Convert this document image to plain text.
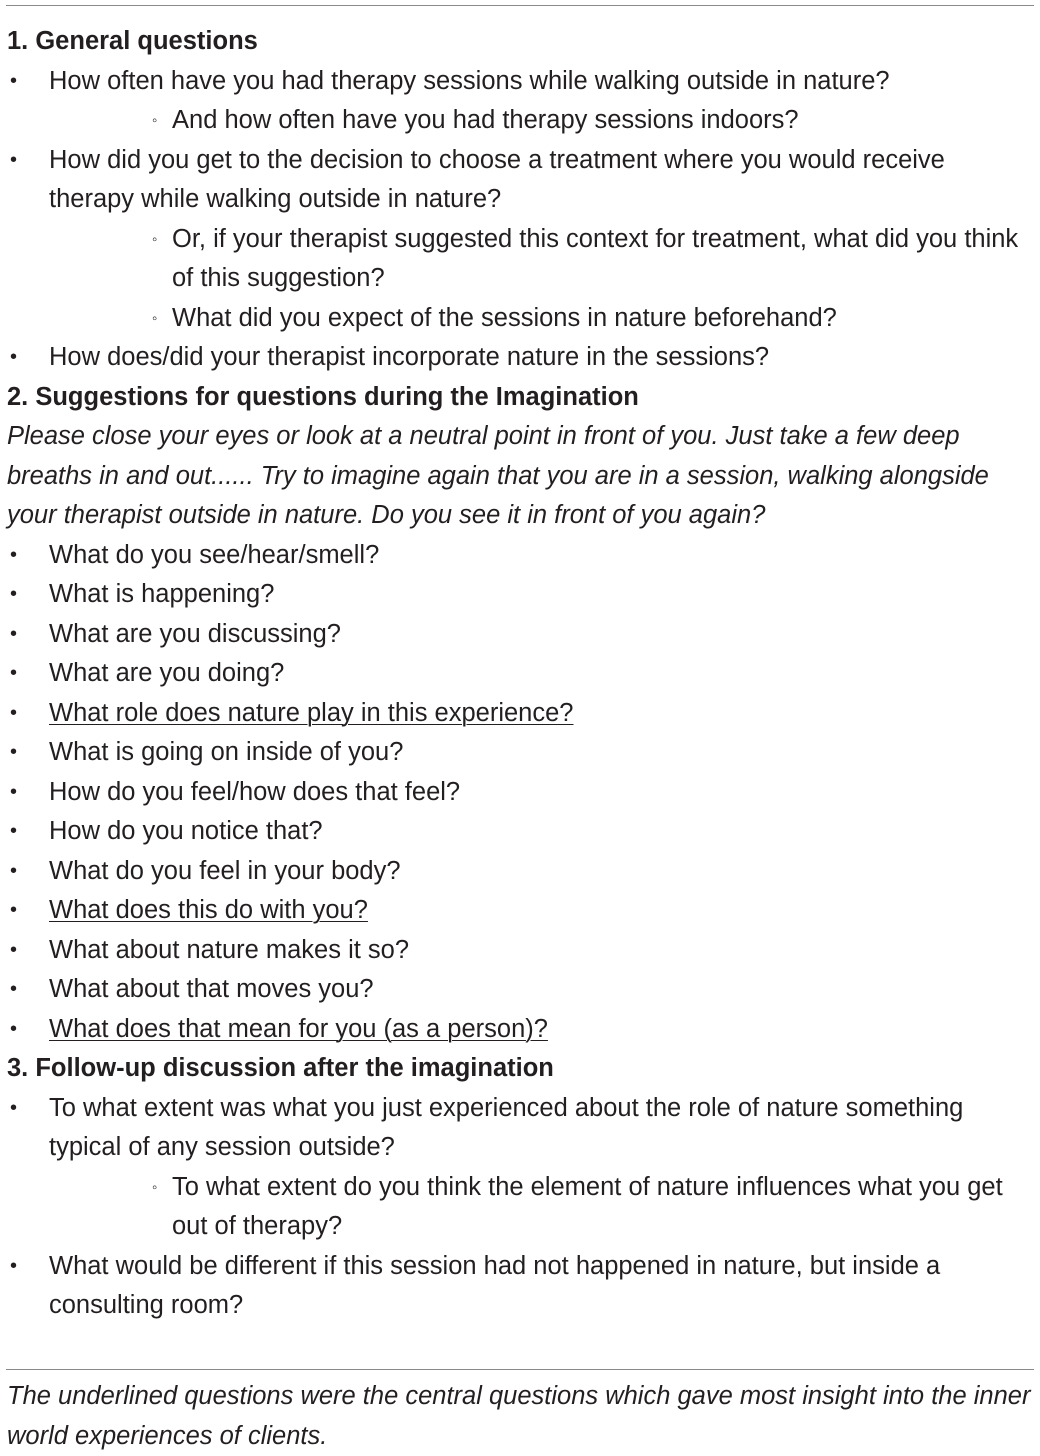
1. General questions

•	How often have you had therapy sessions while walking outside in nature?

◦ And how often have you had therapy sessions indoors?

•	How did you get to the decision to choose a treatment where you would receive therapy while walking outside in nature?

◦ Or, if your therapist suggested this context for treatment, what did you think of this suggestion?

◦ What did you expect of the sessions in nature beforehand?

•	How does/did your therapist incorporate nature in the sessions?

2. Suggestions for questions during the Imagination

Please close your eyes or look at a neutral point in front of you. Just take a few deep breaths in and out...... Try to imagine again that you are in a session, walking alongside your therapist outside in nature. Do you see it in front of you again?

•	What do you see/hear/smell?

•	What is happening?

•	What are you discussing?

•	What are you doing?

•	What role does nature play in this experience?

•	What is going on inside of you?

•	How do you feel/how does that feel?

•	How do you notice that?

•	What do you feel in your body?

•	What does this do with you?

•	What about nature makes it so?

•	What about that moves you?

•	What does that mean for you (as a person)?

3. Follow-up discussion after the imagination

•	To what extent was what you just experienced about the role of nature something typical of any session outside?

◦ To what extent do you think the element of nature influences what you get out of therapy?

•	What would be different if this session had not happened in nature, but inside a consulting room?

The underlined questions were the central questions which gave most insight into the inner world experiences of clients.
